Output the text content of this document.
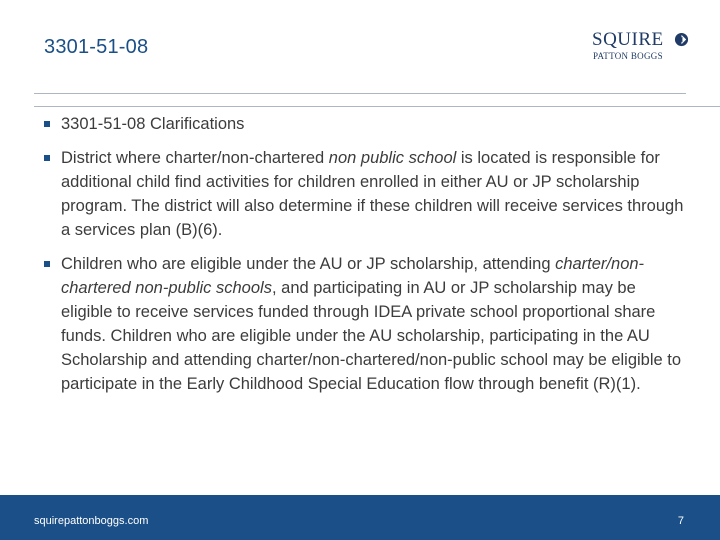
3301-51-08	SQUIRE
PATTON BOGGS
3301-51-08 Clarifications
District where charter/non-chartered non public school is located is responsible for additional child find activities for children enrolled in either AU or JP scholarship program. The district will also determine if these children will receive services through a services plan (B)(6).
Children who are eligible under the AU or JP scholarship, attending charter/non-chartered non-public schools, and participating in AU or JP scholarship may be eligible to receive services funded through IDEA private school proportional share funds. Children who are eligible under the AU scholarship, participating in the AU Scholarship and attending charter/non-chartered/non-public school may be eligible to participate in the Early Childhood Special Education flow through benefit (R)(1).
squirepattonboggs.com	7
